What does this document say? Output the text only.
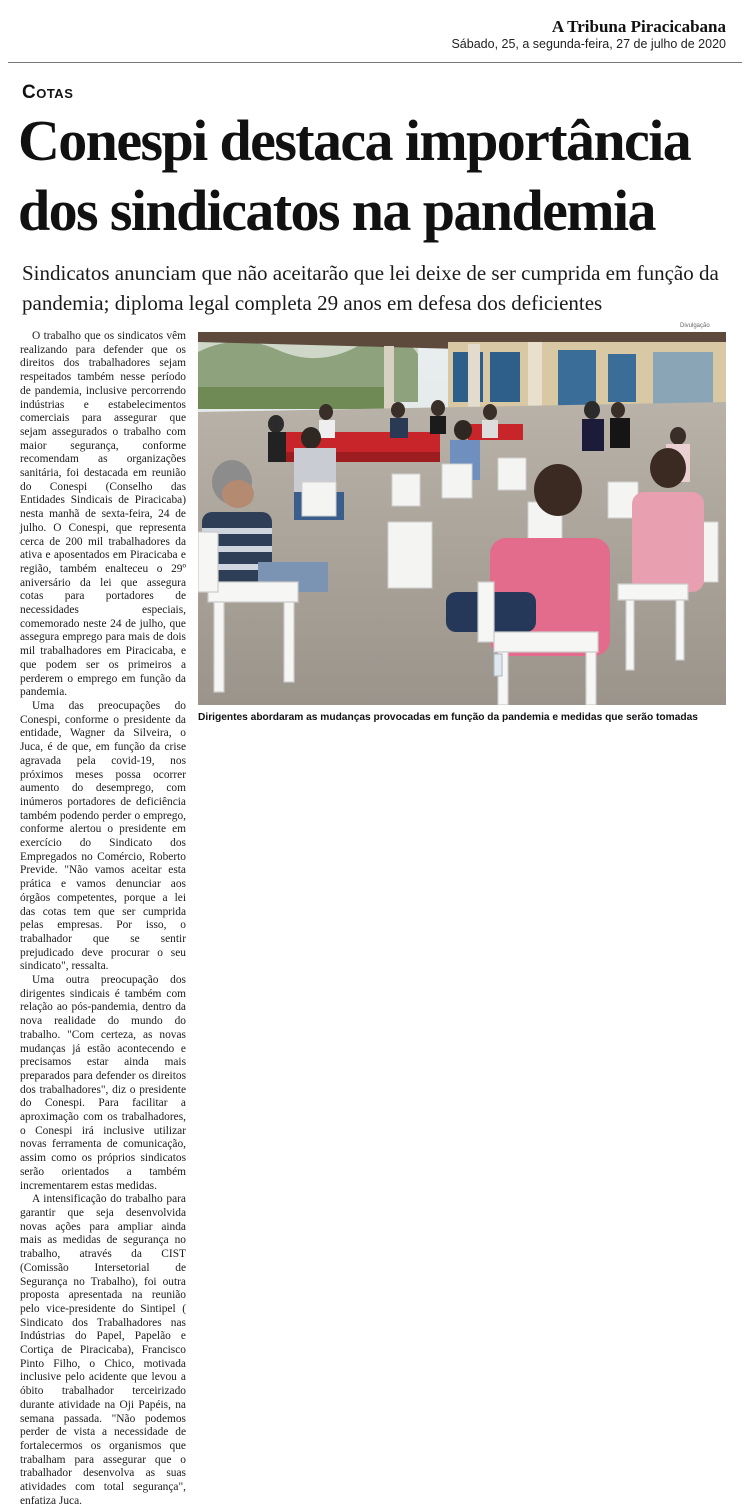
A Tribuna Piracicabana
Sábado, 25, a segunda-feira, 27 de julho de 2020
Cotas
Conespi destaca importância dos sindicatos na pandemia

Sindicatos anunciam que não aceitarão que lei deixe de ser cumprida em função da pandemia; diploma legal completa 29 anos em defesa dos deficientes

O trabalho que os sindicatos vêm realizando para defender que os direitos dos trabalhadores sejam respeitados também nesse período de pandemia, inclusive percorrendo indústrias e estabelecimentos comerciais para assegurar que sejam assegurados o trabalho com maior segurança, conforme recomendam as organizações sanitária, foi destacada em reunião do Conespi (Conselho das Entidades Sindicais de Piracicaba) nesta manhã de sexta-feira, 24 de julho. O Conespi, que representa cerca de 200 mil trabalhadores da ativa e aposentados em Piracicaba e região, também enalteceu o 29º aniversário da lei que assegura cotas para portadores de necessidades especiais, comemorado neste 24 de julho, que assegura emprego para mais de dois mil trabalhadores em Piracicaba, e que podem ser os primeiros a perderem o emprego em função da pandemia.

Uma das preocupações do Conespi, conforme o presidente da entidade, Wagner da Silveira, o Juca, é de que, em função da crise agravada pela covid-19, nos próximos meses possa ocorrer aumento do desemprego, com inúmeros portadores de deficiência também podendo perder o emprego, conforme alertou o presidente em exercício do Sindicato dos Empregados no Comércio, Roberto Previde. "Não vamos aceitar esta prática e vamos denunciar aos órgãos competentes, porque a lei das cotas tem que ser cumprida pelas empresas. Por isso, o trabalhador que se sentir prejudicado deve procurar o seu sindicato", ressalta.

Uma outra preocupação dos dirigentes sindicais é também com relação ao pós-pandemia, dentro da nova realidade do mundo do trabalho. "Com certeza, as novas mudanças já estão acontecendo e precisamos estar ainda mais preparados para defender os direitos dos trabalhadores", diz o presidente do Conespi. Para facilitar a aproximação com os trabalhadores, o Conespi irá inclusive utilizar novas ferramenta de comunicação, assim como os próprios sindicatos serão orientados a também incrementarem estas medidas.

A intensificação do trabalho para garantir que seja desenvolvida novas ações para ampliar ainda mais as medidas de segurança no trabalho, através da CIST (Comissão Intersetorial de Segurança no Trabalho), foi outra proposta apresentada na reunião pelo vice-presidente do Sintipel ( Sindicato dos Trabalhadores nas Indústrias do Papel, Papelão e Cortiça de Piracicaba), Francisco Pinto Filho, o Chico, motivada inclusive pelo acidente que levou a óbito trabalhador terceirizado durante atividade na Oji Papéis, na semana passada. "Não podemos perder de vista a necessidade de fortalecermos os organismos que trabalham para assegurar que o trabalhador desenvolva as suas atividades com total segurança", enfatiza Juca.

Divulgação
Dirigentes abordaram as mudanças provocadas em função da pandemia e medidas que serão tomadas
